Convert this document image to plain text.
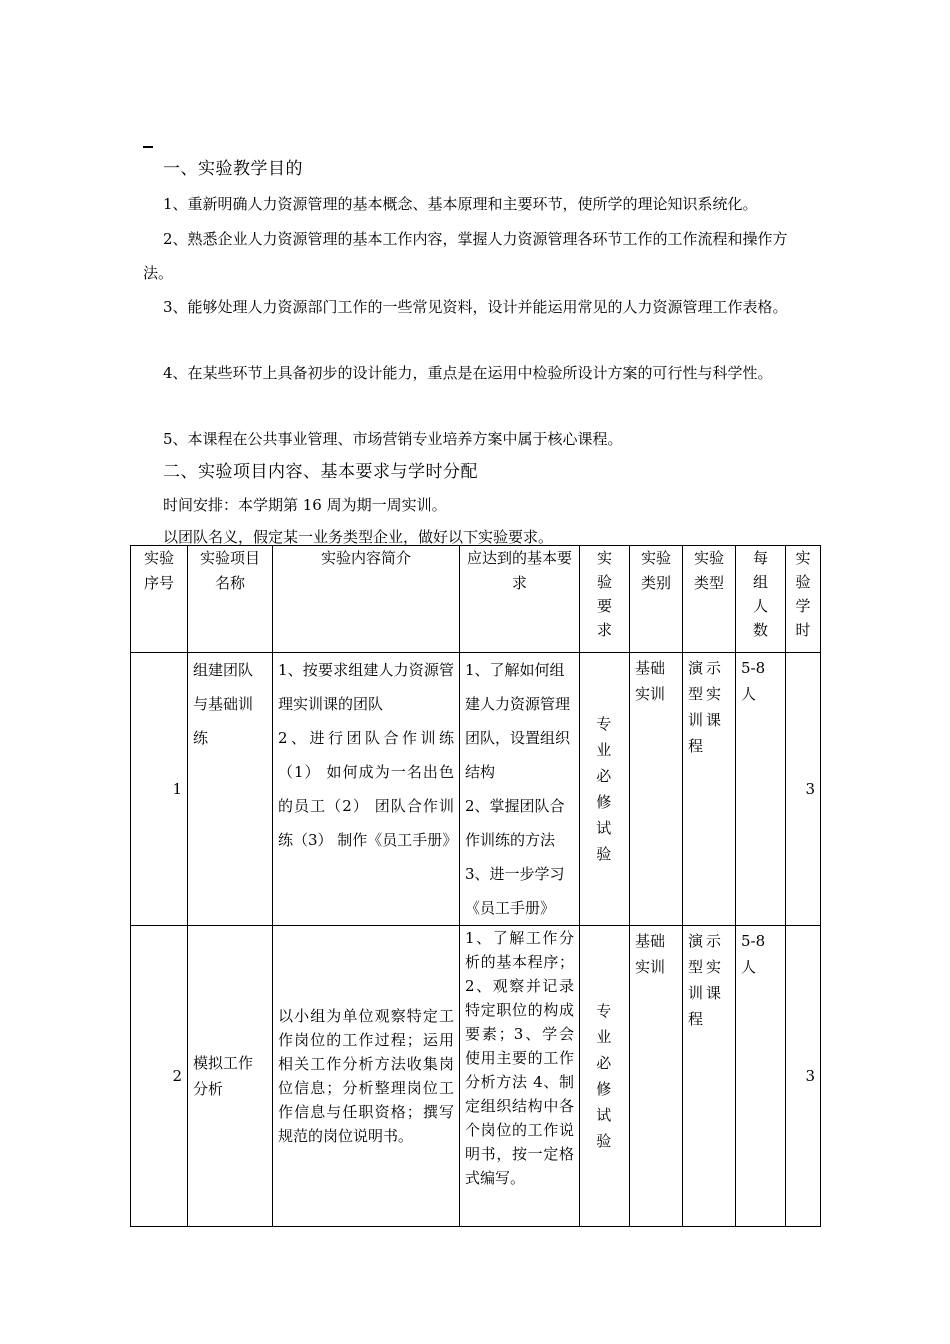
一、实验教学目的
1、重新明确人力资源管理的基本概念、基本原理和主要环节，使所学的理论知识系统化。
2、熟悉企业人力资源管理的基本工作内容，掌握人力资源管理各环节工作的工作流程和操作方法。
3、能够处理人力资源部门工作的一些常见资料，设计并能运用常见的人力资源管理工作表格。
4、在某些环节上具备初步的设计能力，重点是在运用中检验所设计方案的可行性与科学性。
5、本课程在公共事业管理、市场营销专业培养方案中属于核心课程。
二、实验项目内容、基本要求与学时分配
时间安排：本学期第 16 周为期一周实训。
以团队名义，假定某一业务类型企业，做好以下实验要求。
实验序号	实验项目名称	实验内容简介	应达到的基本要求	实验要求	实验类别	实验类型	每组人数	实验学时

1	组建团队与基础训练	1、按要求组建人力资源管理实训课的团队
2、进行团队合作训练（1） 如何成为一名出色的员工（2） 团队合作训练（3） 制作《员工手册》	1、了解如何组建人力资源管理团队，设置组织结构
2、掌握团队合作训练的方法
3、进一步学习《员工手册》	专业必修试验	基础实训	演示型实训课程	5-8人	3
2	模拟工作分析	以小组为单位观察特定工作岗位的工作过程；运用相关工作分析方法收集岗位信息；分析整理岗位工作信息与任职资格；撰写规范的岗位说明书。	1、了解工作分析的基本程序；2、观察并记录特定职位的构成要素；3、学会使用主要的工作分析方法 4、制定组织结构中各个岗位的工作说明书，按一定格式编写。	专业必修试验	基础实训	演示型实训课程	5-8人	3
